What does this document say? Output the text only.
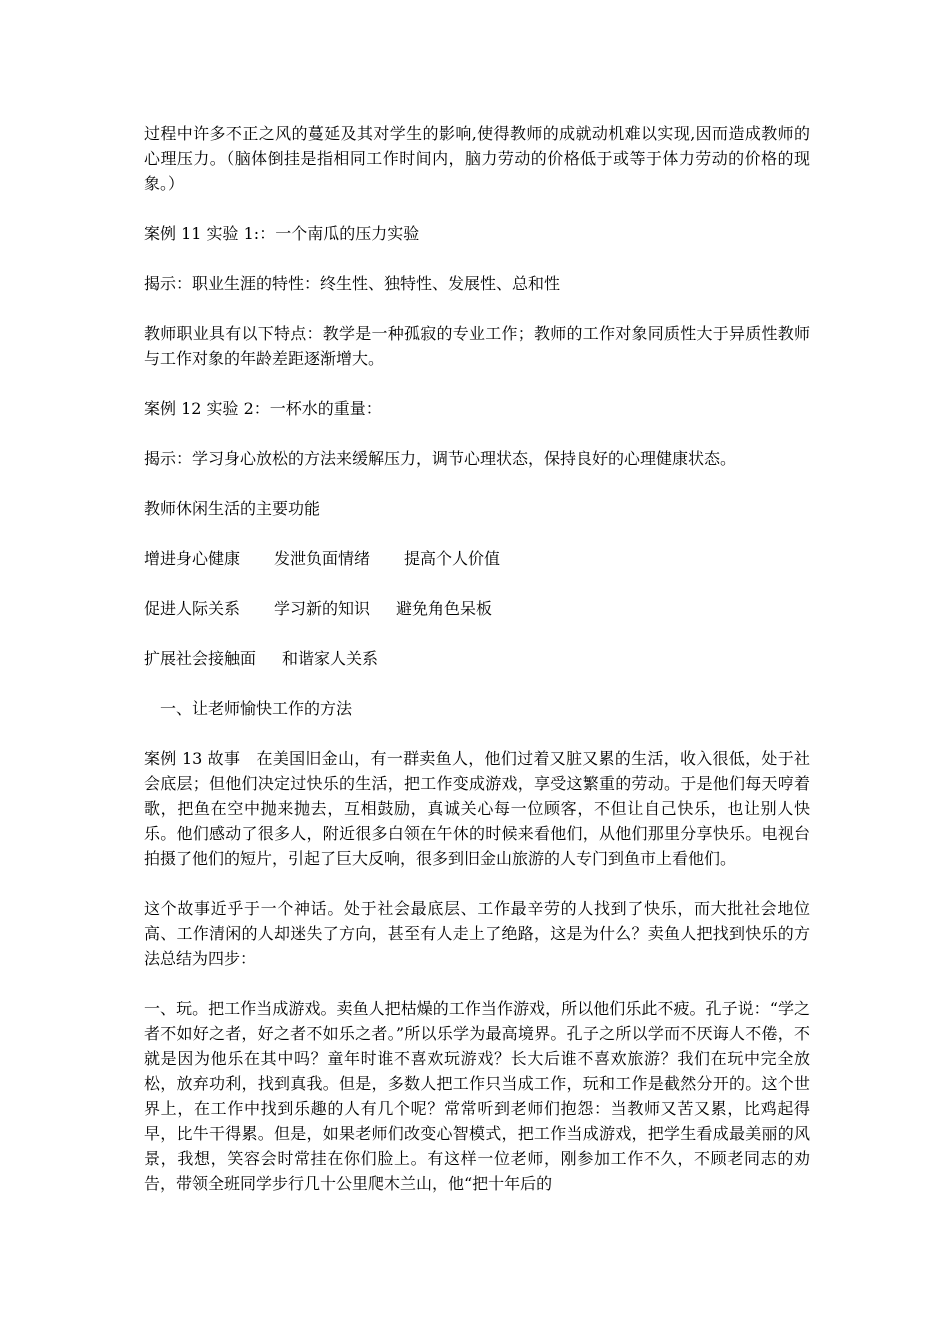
过程中许多不正之风的蔓延及其对学生的影响,使得教师的成就动机难以实现,因而造成教师的心理压力。（脑体倒挂是指相同工作时间内，脑力劳动的价格低于或等于体力劳动的价格的现象。）

案例 11 实验 1:：一个南瓜的压力实验

揭示：职业生涯的特性：终生性、独特性、发展性、总和性

教师职业具有以下特点：教学是一种孤寂的专业工作；教师的工作对象同质性大于异质性教师与工作对象的年龄差距逐渐增大。

案例 12 实验 2：一杯水的重量：

揭示：学习身心放松的方法来缓解压力，调节心理状态，保持良好的心理健康状态。

教师休闲生活的主要功能

增进身心健康 发泄负面情绪 提高个人价值
促进人际关系 学习新的知识 避免角色呆板
扩展社会接触面 和谐家人关系

一、让老师愉快工作的方法

案例 13 故事　在美国旧金山，有一群卖鱼人，他们过着又脏又累的生活，收入很低，处于社会底层；但他们决定过快乐的生活，把工作变成游戏，享受这繁重的劳动。于是他们每天哼着歌，把鱼在空中抛来抛去，互相鼓励，真诚关心每一位顾客，不但让自己快乐，也让别人快乐。他们感动了很多人，附近很多白领在午休的时候来看他们，从他们那里分享快乐。电视台拍摄了他们的短片，引起了巨大反响，很多到旧金山旅游的人专门到鱼市上看他们。

这个故事近乎于一个神话。处于社会最底层、工作最辛劳的人找到了快乐，而大批社会地位高、工作清闲的人却迷失了方向，甚至有人走上了绝路，这是为什么？卖鱼人把找到快乐的方法总结为四步：

一、玩。把工作当成游戏。卖鱼人把枯燥的工作当作游戏，所以他们乐此不疲。孔子说：“学之者不如好之者，好之者不如乐之者。”所以乐学为最高境界。孔子之所以学而不厌诲人不倦，不就是因为他乐在其中吗？童年时谁不喜欢玩游戏？长大后谁不喜欢旅游？我们在玩中完全放松，放弃功利，找到真我。但是，多数人把工作只当成工作，玩和工作是截然分开的。这个世界上，在工作中找到乐趣的人有几个呢？常常听到老师们抱怨：当教师又苦又累，比鸡起得早，比牛干得累。但是，如果老师们改变心智模式，把工作当成游戏，把学生看成最美丽的风景，我想，笑容会时常挂在你们脸上。有这样一位老师，刚参加工作不久，不顾老同志的劝告，带领全班同学步行几十公里爬木兰山，他“把十年后的
